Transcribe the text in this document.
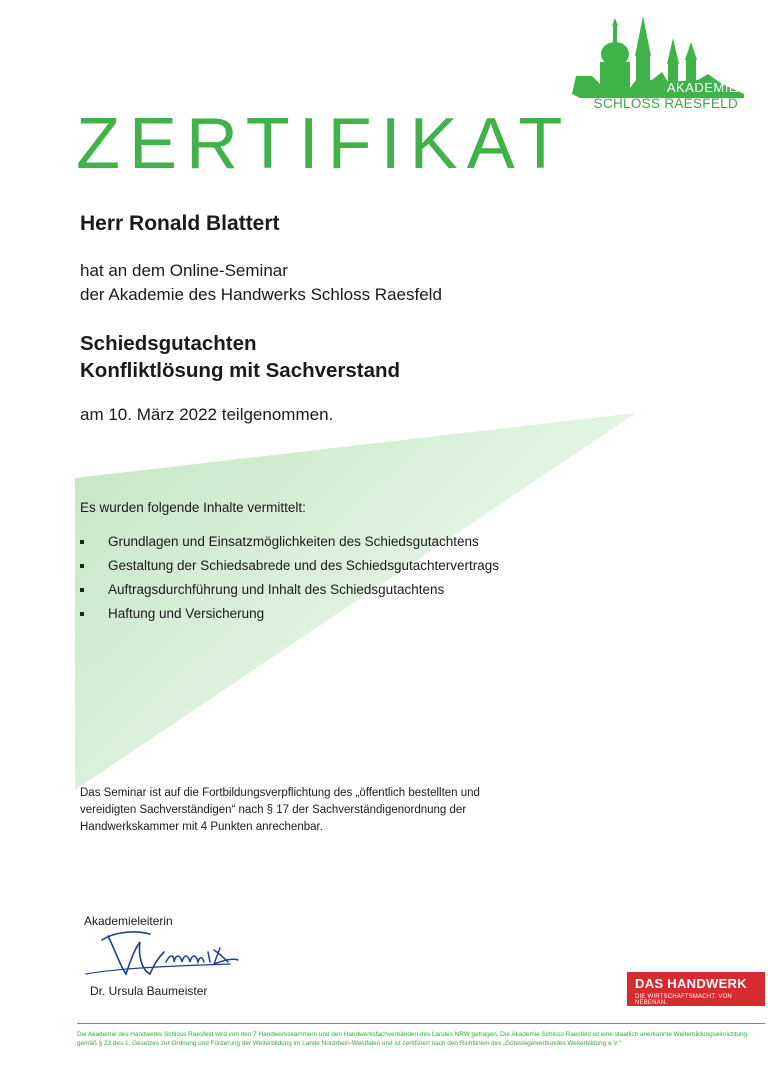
AKADEMIE
SCHLOSS RAESFELD
ZERTIFIKAT
Herr Ronald Blattert
hat an dem Online-Seminar
der Akademie des Handwerks Schloss Raesfeld
Schiedsgutachten
Konfliktlösung mit Sachverstand
am 10. März 2022 teilgenommen.
Es wurden folgende Inhalte vermittelt:
Grundlagen und Einsatzmöglichkeiten des Schiedsgutachtens
Gestaltung der Schiedsabrede und des Schiedsgutachtervertrags
Auftragsdurchführung und Inhalt des Schiedsgutachtens
Haftung und Versicherung
Das Seminar ist auf die Fortbildungsverpflichtung des „öffentlich bestellten und vereidigten Sachverständigen“ nach § 17 der Sachverständigenordnung der Handwerkskammer mit 4 Punkten anrechenbar.
Akademieleiterin
Dr. Ursula Baumeister	DAS HANDWERK
DIE WIRTSCHAFTSMACHT. VON NEBENAN.
Die Akademie des Handwerks Schloss Raesfeld wird von den 7 Handwerkskammern und den Handwerksfachverbänden des Landes NRW getragen. Die Akademie Schloss Raesfeld ist eine staatlich anerkannte Weiterbildungseinrichtung gemäß § 23 des 1. Gesetzes zur Ordnung und Förderung der Weiterbildung im Lande Nordrhein-Westfalen und ist zertifiziert nach den Richtlinien des „Gütesiegelverbundes Weiterbildung e.V.“
